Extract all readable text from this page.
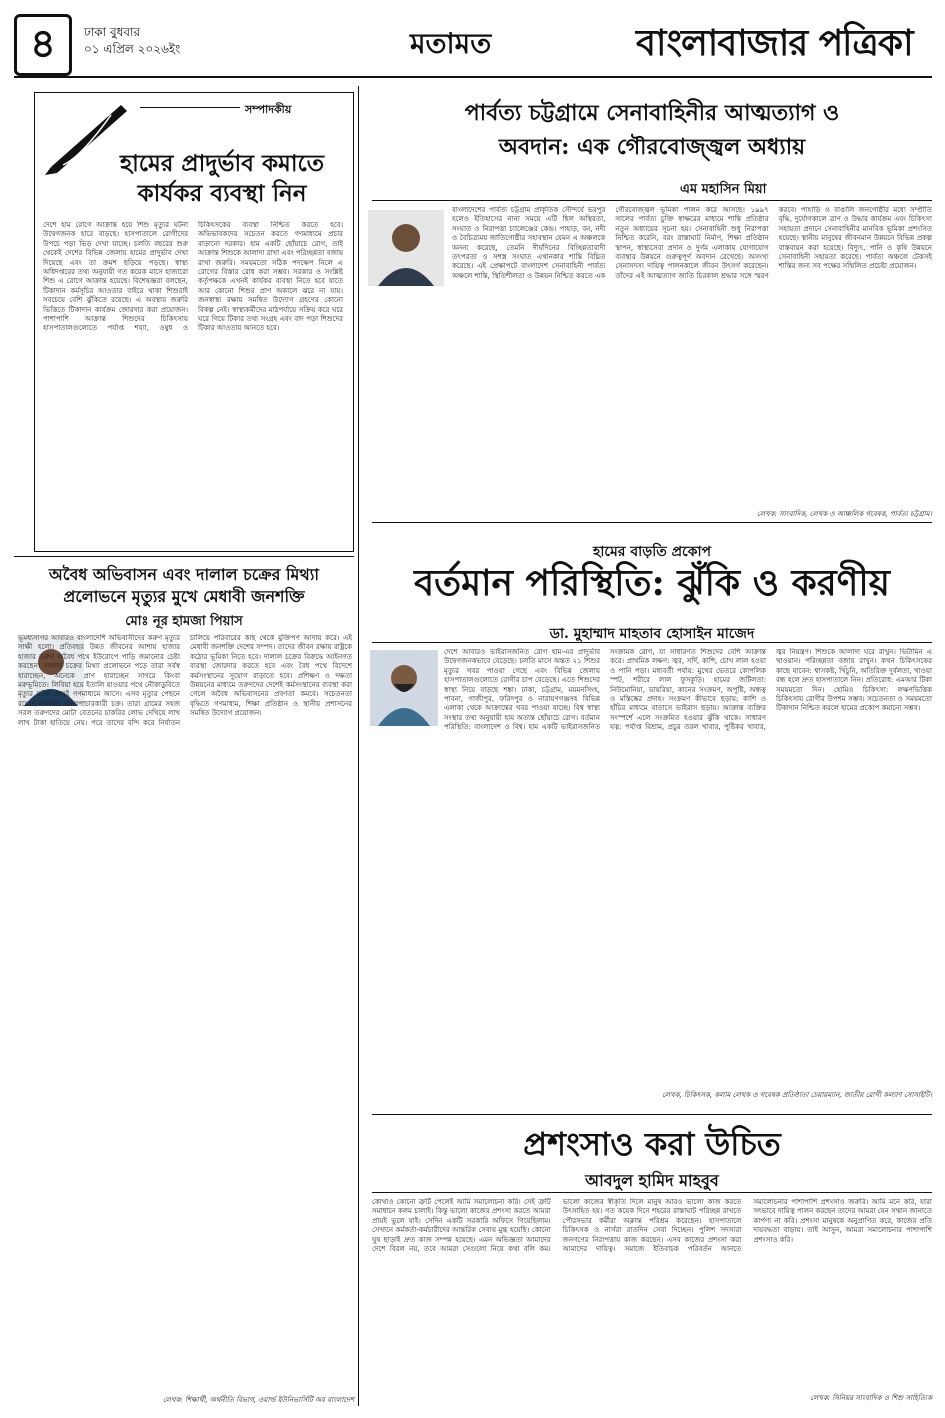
৪	ঢাকা বুধবার
০১ এপ্রিল ২০২৬ইং	মতামত	বাংলাবাজার পত্রিকা
সম্পাদকীয়
হামের প্রাদুর্ভাব কমাতে
কার্যকর ব্যবস্থা নিন
দেশে হাম রোগে আক্রান্ত হয়ে শিশু মৃত্যুর ঘটনা উদ্বেগজনক হারে বাড়ছে। হাসপাতালে রোগীদের উপচে পড়া ভিড় দেখা যাচ্ছে। চলতি বছরের শুরু থেকেই দেশের বিভিন্ন জেলায় হামের প্রাদুর্ভাব দেখা দিয়েছে এবং তা ক্রমশ ছড়িয়ে পড়ছে। স্বাস্থ্য অধিদপ্তরের তথ্য অনুযায়ী গত কয়েক মাসে হাজারো শিশু এ রোগে আক্রান্ত হয়েছে। বিশেষজ্ঞরা বলছেন, টিকাদান কর্মসূচির আওতার বাইরে থাকা শিশুরাই সবচেয়ে বেশি ঝুঁকিতে রয়েছে। এ অবস্থায় জরুরি ভিত্তিতে টিকাদান কার্যক্রম জোরদার করা প্রয়োজন। পাশাপাশি আক্রান্ত শিশুদের চিকিৎসায় হাসপাতালগুলোতে পর্যাপ্ত শয্যা, ওষুধ ও চিকিৎসকের ব্যবস্থা নিশ্চিত করতে হবে। অভিভাবকদের সচেতন করতে গণমাধ্যমে প্রচার বাড়ানো দরকার। হাম একটি ছোঁয়াচে রোগ, তাই আক্রান্ত শিশুকে আলাদা রাখা এবং পরিচ্ছন্নতা বজায় রাখা জরুরি। সময়মতো সঠিক পদক্ষেপ নিলে এ রোগের বিস্তার রোধ করা সম্ভব। সরকার ও সংশ্লিষ্ট কর্তৃপক্ষকে এখনই কার্যকর ব্যবস্থা নিতে হবে যাতে আর কোনো শিশুর প্রাণ অকালে ঝরে না যায়। জনস্বাস্থ্য রক্ষায় সমন্বিত উদ্যোগ গ্রহণের কোনো বিকল্প নেই। স্বাস্থ্যকর্মীদের মাঠপর্যায়ে সক্রিয় করে ঘরে ঘরে গিয়ে টিকার তথ্য সংগ্রহ এবং বাদ পড়া শিশুদের টিকার আওতায় আনতে হবে।
পার্বত্য চট্টগ্রামে সেনাবাহিনীর আত্মত্যাগ ও
অবদান: এক গৌরবোজ্জ্বল অধ্যায়
এম মহাসিন মিয়া
বাংলাদেশের পার্বত্য চট্টগ্রাম প্রাকৃতিক সৌন্দর্যে ভরপুর হলেও ইতিহাসের নানা সময়ে এটি ছিল অস্থিরতা, সংঘাত ও নিরাপত্তা চ্যালেঞ্জের কেন্দ্র। পাহাড়, বন, নদী ও বৈচিত্র্যময় জাতিগোষ্ঠীর সহাবস্থান যেমন এ অঞ্চলকে অনন্য করেছে, তেমনি দীর্ঘদিনের বিচ্ছিন্নতাবাদী তৎপরতা ও সশস্ত্র সংঘাত এখানকার শান্তি বিঘ্নিত করেছে। এই প্রেক্ষাপটে বাংলাদেশ সেনাবাহিনী পার্বত্য অঞ্চলে শান্তি, স্থিতিশীলতা ও উন্নয়ন নিশ্চিত করতে এক গৌরবোজ্জ্বল ভূমিকা পালন করে আসছে। ১৯৯৭ সালের পার্বত্য চুক্তি স্বাক্ষরের মাধ্যমে শান্তি প্রতিষ্ঠার নতুন অধ্যায়ের সূচনা হয়। সেনাবাহিনী শুধু নিরাপত্তা নিশ্চিত করেনি, বরং রাস্তাঘাট নির্মাণ, শিক্ষা প্রতিষ্ঠান স্থাপন, স্বাস্থ্যসেবা প্রদান ও দুর্গম এলাকায় যোগাযোগ ব্যবস্থার উন্নয়নে গুরুত্বপূর্ণ অবদান রেখেছে। অসংখ্য সেনাসদস্য দায়িত্ব পালনকালে জীবন উৎসর্গ করেছেন। তাঁদের এই আত্মত্যাগ জাতি চিরকাল শ্রদ্ধার সঙ্গে স্মরণ করবে। পাহাড়ি ও বাঙালি জনগোষ্ঠীর মধ্যে সম্প্রীতি বৃদ্ধি, দুর্যোগকালে ত্রাণ ও উদ্ধার কার্যক্রম এবং চিকিৎসা সহায়তা প্রদানে সেনাবাহিনীর মানবিক ভূমিকা প্রশংসিত হয়েছে। স্থানীয় মানুষের জীবনমান উন্নয়নে বিভিন্ন প্রকল্প বাস্তবায়ন করা হয়েছে। বিদ্যুৎ, পানি ও কৃষি উন্নয়নে সেনাবাহিনী সহায়তা করেছে। পার্বত্য অঞ্চলে টেকসই শান্তির জন্য সব পক্ষের সম্মিলিত প্রচেষ্টা প্রয়োজন।
লেখক: সাংবাদিক, লেখক ও আঞ্চলিক গবেষক, পার্বত্য চট্টগ্রাম।
হামের বাড়তি প্রকোপ
বর্তমান পরিস্থিতি: ঝুঁকি ও করণীয়
ডা. মুহাম্মাদ মাহতাব হোসাইন মাজেদ
দেশে আবারও ভাইরাসজনিত রোগ হাম-এর প্রাদুর্ভাব উদ্বেগজনকভাবে বেড়েছে। চলতি মাসে অন্তত ২১ শিশুর মৃত্যুর খবর পাওয়া গেছে এবং বিভিন্ন জেলায় হাসপাতালগুলোতে রোগীর চাপ বেড়েছে। এতে শিশুদের স্বাস্থ্য নিয়ে বাড়ছে শঙ্কা। ঢাকা, চট্টগ্রাম, ময়মনসিংহ, পাবনা, গাজীপুর, ফরিদপুর ও নারায়ণগঞ্জসহ বিভিন্ন এলাকা থেকে আক্রান্তের খবর পাওয়া যাচ্ছে। বিশ্ব স্বাস্থ্য সংস্থার তথ্য অনুযায়ী হাম অত্যন্ত ছোঁয়াচে রোগ। বর্তমান পরিস্থিতি: বাংলাদেশ ও বিশ্ব। হাম একটি ভাইরাসজনিত সংক্রামক রোগ, যা সাধারণত শিশুদের বেশি আক্রান্ত করে। প্রাথমিক লক্ষণ: জ্বর, সর্দি, কাশি, চোখ লাল হওয়া ও পানি পড়া। মধ্যবর্তী পর্যায়: মুখের ভেতরে কোপলিক স্পট, শরীরে লাল ফুসকুড়ি। হামের জটিলতা: নিউমোনিয়া, ডায়রিয়া, কানের সংক্রমণ, অপুষ্টি, অন্ধত্ব ও মস্তিষ্কের প্রদাহ। সংক্রমণ কীভাবে ছড়ায়: কাশি ও হাঁচির মাধ্যমে বাতাসে ভাইরাস ছড়ায়। আক্রান্ত ব্যক্তির সংস্পর্শে এলে সংক্রমিত হওয়ার ঝুঁকি থাকে। সাধারণ যত্ন: পর্যাপ্ত বিশ্রাম, প্রচুর তরল খাবার, পুষ্টিকর খাবার, জ্বর নিয়ন্ত্রণ। শিশুকে আলাদা ঘরে রাখুন। ভিটামিন এ খাওয়ান। পরিচ্ছন্নতা বজায় রাখুন। কখন চিকিৎসকের কাছে যাবেন: শ্বাসকষ্ট, খিঁচুনি, অতিরিক্ত দুর্বলতা, খাওয়া বন্ধ হলে দ্রুত হাসপাতালে নিন। প্রতিরোধ: এমআর টিকা সময়মতো দিন। হোমিও চিকিৎসা: লক্ষণভিত্তিক চিকিৎসায় রোগীর উপশম সম্ভব। সচেতনতা ও সময়মতো টিকাদান নিশ্চিত করলে হামের প্রকোপ কমানো সম্ভব।
লেখক, চিকিৎসক, কলাম লেখক ও গবেষক প্রতিষ্ঠাতা চেয়ারম্যান, জাতীয় রোগী কল্যাণ সোসাইটি।
অবৈধ অভিবাসন এবং দালাল চক্রের মিথ্যা
প্রলোভনে মৃত্যুর মুখে মেধাবী জনশক্তি
মোঃ নূর হামজা পিয়াস
ভূমধ্যসাগর আবারও বাংলাদেশি অভিবাসীদের করুণ মৃত্যুর সাক্ষী হলো। প্রতিবছর উন্নত জীবনের আশায় হাজার হাজার তরুণ অবৈধ পথে ইউরোপে পাড়ি জমানোর চেষ্টা করছেন। দালাল চক্রের মিথ্যা প্রলোভনে পড়ে তারা সর্বস্ব হারাচ্ছেন, অনেকে প্রাণ হারাচ্ছেন সাগরে কিংবা মরুভূমিতে। লিবিয়া হয়ে ইতালি যাওয়ার পথে নৌকাডুবিতে মৃত্যুর ঘটনা প্রায়ই গণমাধ্যমে আসে। এসব মৃত্যুর পেছনে রয়েছে সংঘবদ্ধ মানবপাচারকারী চক্র। তারা গ্রামের সহজ সরল তরুণদের মোটা বেতনের চাকরির লোভ দেখিয়ে লাখ লাখ টাকা হাতিয়ে নেয়। পরে তাদের বন্দি করে নির্যাতন চালিয়ে পরিবারের কাছ থেকে মুক্তিপণ আদায় করে। এই মেধাবী জনশক্তি দেশের সম্পদ। তাদের জীবন রক্ষায় রাষ্ট্রকে কঠোর ভূমিকা নিতে হবে। দালাল চক্রের বিরুদ্ধে আইনগত ব্যবস্থা জোরদার করতে হবে এবং বৈধ পথে বিদেশে কর্মসংস্থানের সুযোগ বাড়াতে হবে। প্রশিক্ষণ ও দক্ষতা উন্নয়নের মাধ্যমে তরুণদের দেশেই কর্মসংস্থানের ব্যবস্থা করা গেলে অবৈধ অভিবাসনের প্রবণতা কমবে। সচেতনতা বৃদ্ধিতে গণমাধ্যম, শিক্ষা প্রতিষ্ঠান ও স্থানীয় প্রশাসনের সমন্বিত উদ্যোগ প্রয়োজন।
লেখক: শিক্ষার্থী, অর্থনীতি বিভাগ, ওয়ার্ল্ড ইউনিভার্সিটি অব বাংলাদেশ
প্রশংসাও করা উচিত
আবদুল হামিদ মাহবুব
কোথাও কোনো ত্রুটি পেলেই আমি সমালোচনা করি। সেই ত্রুটি সমাধানে কলম চালাই। কিন্তু ভালো কাজের প্রশংসা করতে আমরা প্রায়ই ভুলে যাই। সেদিন একটি সরকারি অফিসে গিয়েছিলাম। সেখানে কর্মকর্তা-কর্মচারীদের আন্তরিক সেবায় মুগ্ধ হয়েছি। কোনো ঘুষ ছাড়াই দ্রুত কাজ সম্পন্ন হয়েছে। এমন অভিজ্ঞতা আমাদের দেশে বিরল নয়, তবে আমরা সেগুলো নিয়ে কথা বলি কম। ভালো কাজের স্বীকৃতি দিলে মানুষ আরও ভালো কাজ করতে উৎসাহিত হয়। গত কয়েক দিনে শহরের রাস্তাঘাট পরিচ্ছন্ন রাখতে পৌরসভার কর্মীরা অক্লান্ত পরিশ্রম করেছেন। হাসপাতালে চিকিৎসক ও নার্সরা রাতদিন সেবা দিচ্ছেন। পুলিশ সদস্যরা জনগণের নিরাপত্তায় কাজ করছেন। এসব কাজের প্রশংসা করা আমাদের দায়িত্ব। সমাজে ইতিবাচক পরিবর্তন আনতে সমালোচনার পাশাপাশি প্রশংসাও জরুরি। আমি মনে করি, যারা সৎভাবে দায়িত্ব পালন করছেন তাদের আমরা যেন সম্মান জানাতে কার্পণ্য না করি। প্রশংসা মানুষকে অনুপ্রাণিত করে, কাজের প্রতি দায়বদ্ধতা বাড়ায়। তাই আসুন, আমরা সমালোচনার পাশাপাশি প্রশংসাও করি।
লেখক: সিনিয়র সাংবাদিক ও শিশু সাহিত্যিক
